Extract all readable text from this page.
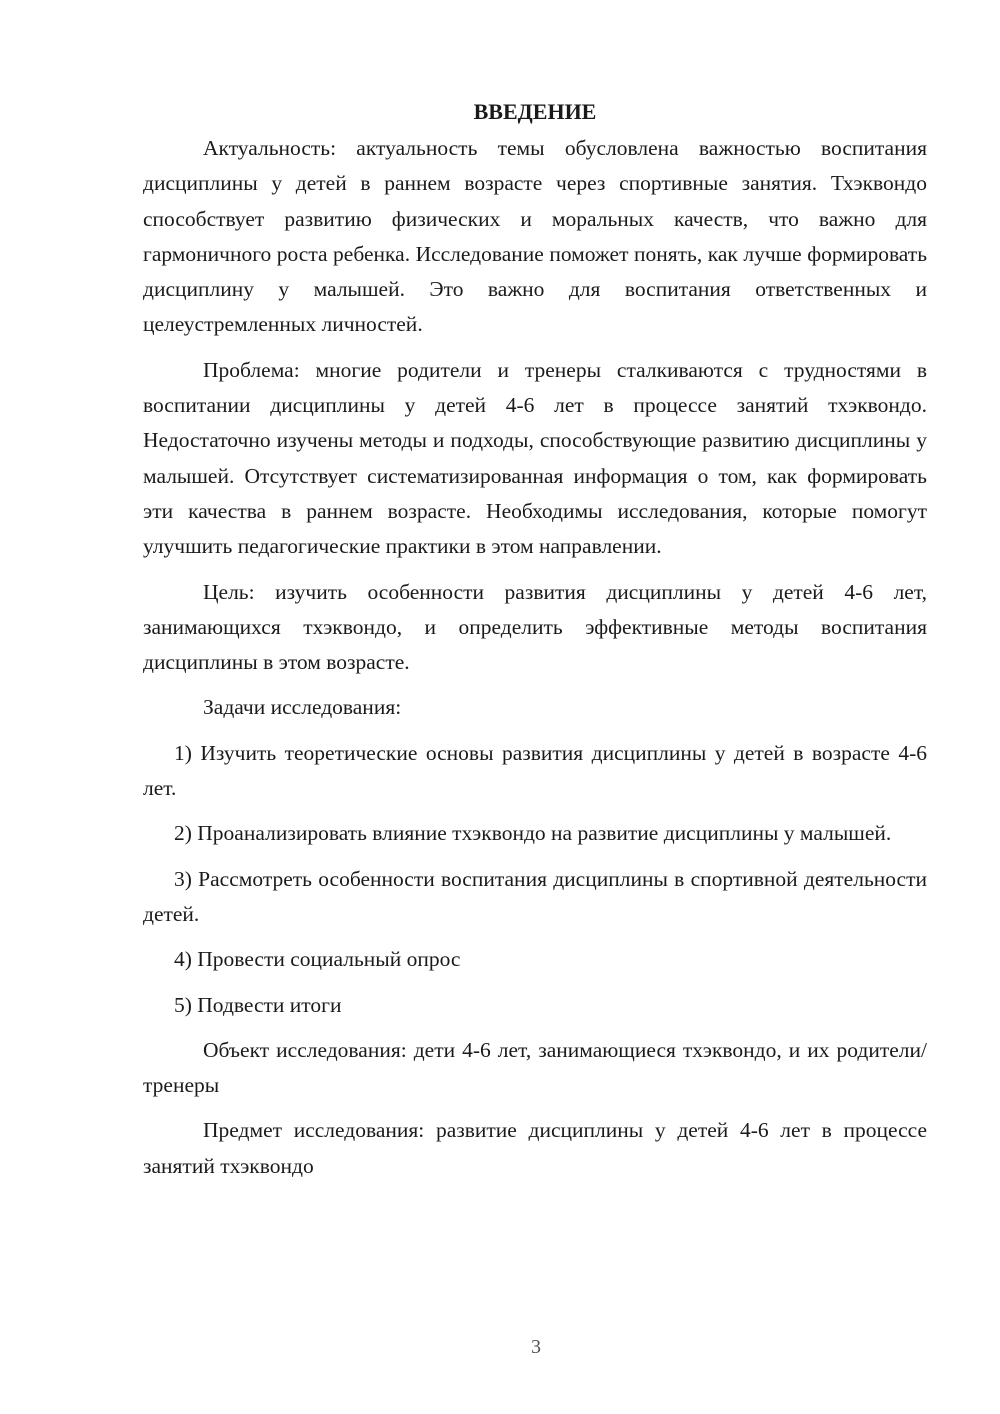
ВВЕДЕНИЕ

Актуальность: актуальность темы обусловлена важностью воспитания дисциплины у детей в раннем возрасте через спортивные занятия. Тхэквондо способствует развитию физических и моральных качеств, что важно для гармоничного роста ребенка. Исследование поможет понять, как лучше формировать дисциплину у малышей. Это важно для воспитания ответственных и целеустремленных личностей.

Проблема: многие родители и тренеры сталкиваются с трудностями в воспитании дисциплины у детей 4-6 лет в процессе занятий тхэквондо. Недостаточно изучены методы и подходы, способствующие развитию дисциплины у малышей. Отсутствует систематизированная информация о том, как формировать эти качества в раннем возрасте. Необходимы исследования, которые помогут улучшить педагогические практики в этом направлении.

Цель: изучить особенности развития дисциплины у детей 4-6 лет, занимающихся тхэквондо, и определить эффективные методы воспитания дисциплины в этом возрасте.

Задачи исследования:

1) Изучить теоретические основы развития дисциплины у детей в возрасте 4-6 лет.

2) Проанализировать влияние тхэквондо на развитие дисциплины у малышей.

3) Рассмотреть особенности воспитания дисциплины в спортивной деятельности детей.

4) Провести социальный опрос

5) Подвести итоги

Объект исследования: дети 4-6 лет, занимающиеся тхэквондо, и их родители/тренеры

Предмет исследования: развитие дисциплины у детей 4-6 лет в процессе занятий тхэквондо

3
